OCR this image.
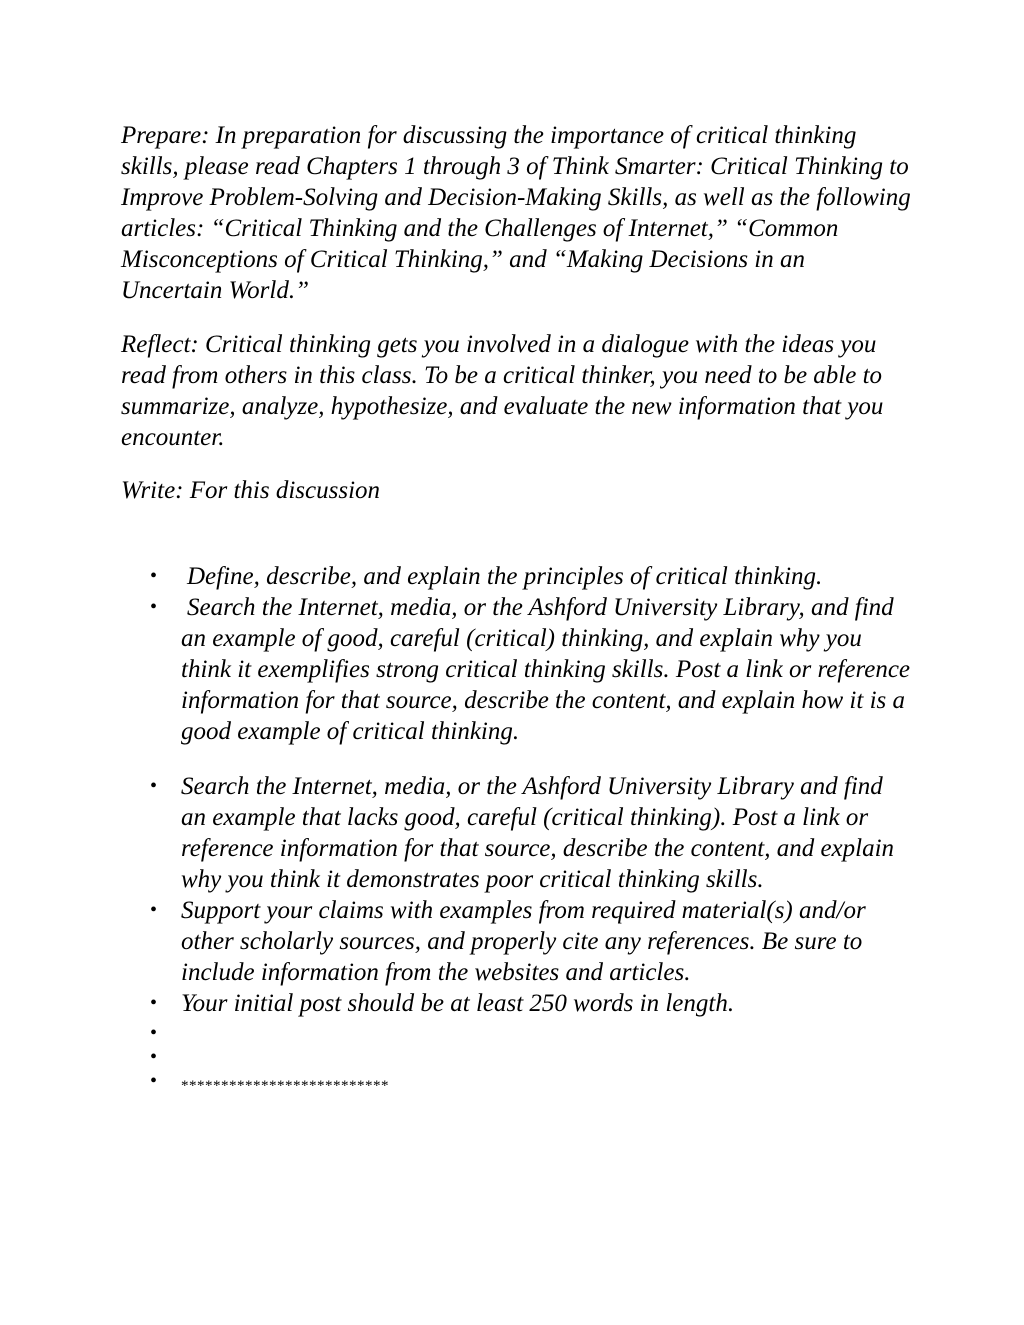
Prepare: In preparation for discussing the importance of critical thinking skills, please read Chapters 1 through 3 of Think Smarter: Critical Thinking to Improve Problem-Solving and Decision-Making Skills, as well as the following articles: “Critical Thinking and the Challenges of Internet,” “Common Misconceptions of Critical Thinking,” and “Making Decisions in an Uncertain World.”

Reflect: Critical thinking gets you involved in a dialogue with the ideas you read from others in this class. To be a critical thinker, you need to be able to summarize, analyze, hypothesize, and evaluate the new information that you encounter.

Write: For this discussion

• Define, describe, and explain the principles of critical thinking.
• Search the Internet, media, or the Ashford University Library, and find an example of good, careful (critical) thinking, and explain why you think it exemplifies strong critical thinking skills. Post a link or reference information for that source, describe the content, and explain how it is a good example of critical thinking.
• Search the Internet, media, or the Ashford University Library and find an example that lacks good, careful (critical thinking). Post a link or reference information for that source, describe the content, and explain why you think it demonstrates poor critical thinking skills.
• Support your claims with examples from required material(s) and/or other scholarly sources, and properly cite any references. Be sure to include information from the websites and articles.
• Your initial post should be at least 250 words in length.
•
•
• **************************
